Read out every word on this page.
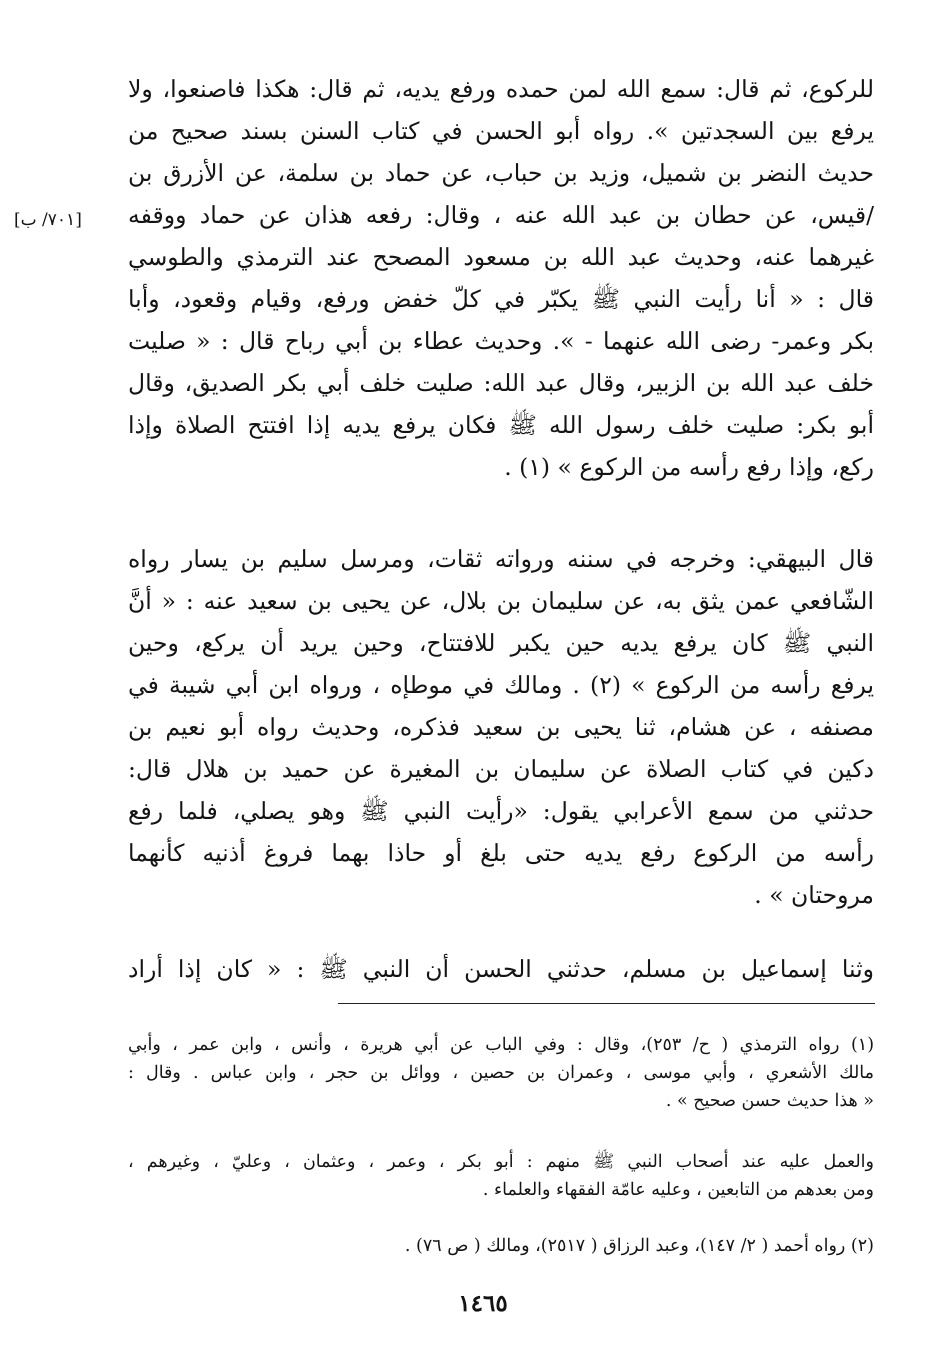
[٧٠١/ ب]
للركوع، ثم قال: سمع الله لمن حمده ورفع يديه، ثم قال: هكذا فاصنعوا، ولا
يرفع بين السجدتين ». رواه أبو الحسن في كتاب السنن بسند صحيح من
حديث النضر بن شميل، وزيد بن حباب، عن حماد بن سلمة، عن الأزرق بن
/قيس، عن حطان بن عبد الله عنه ، وقال: رفعه هذان عن حماد ووقفه
غيرهما عنه، وحديث عبد الله بن مسعود المصحح عند الترمذي والطوسي
قال : « أنا رأيت النبي ﷺ يكبّر في كلّ خفض ورفع، وقيام وقعود، وأبا
بكر وعمر- رضى الله عنهما - ». وحديث عطاء بن أبي رباح قال : « صليت
خلف عبد الله بن الزبير، وقال عبد الله: صليت خلف أبي بكر الصديق، وقال
أبو بكر: صليت خلف رسول الله ﷺ فكان يرفع يديه إذا افتتح الصلاة وإذا
ركع، وإذا رفع رأسه من الركوع » (١) .
قال البيهقي: وخرجه في سننه ورواته ثقات، ومرسل سليم بن يسار رواه
الشّافعي عمن يثق به، عن سليمان بن بلال، عن يحيى بن سعيد عنه : « أنَّ
النبي ﷺ كان يرفع يديه حين يكبر للافتتاح، وحين يريد أن يركع، وحين
يرفع رأسه من الركوع » (٢) . ومالك في موطإه ، ورواه ابن أبي شيبة في
مصنفه ، عن هشام، ثنا يحيى بن سعيد فذكره، وحديث رواه أبو نعيم بن
دكين في كتاب الصلاة عن سليمان بن المغيرة عن حميد بن هلال قال:
حدثني من سمع الأعرابي يقول: «رأيت النبي ﷺ وهو يصلي، فلما رفع
رأسه من الركوع رفع يديه حتى بلغ أو حاذا بهما فروغ أذنيه كأنهما
مروحتان » .
وثنا إسماعيل بن مسلم، حدثني الحسن أن النبي ﷺ : « كان إذا أراد
(١) رواه الترمذي ( ح/ ٢٥٣)، وقال : وفي الباب عن أبي هريرة ، وأنس ، وابن عمر ، وأبي
مالك الأشعري ، وأبي موسى ، وعمران بن حصين ، ووائل بن حجر ، وابن عباس . وقال :
« هذا حديث حسن صحيح » .
والعمل عليه عند أصحاب النبي ﷺ منهم : أبو بكر ، وعمر ، وعثمان ، وعليّ ، وغيرهم ،
ومن بعدهم من التابعين ، وعليه عامّة الفقهاء والعلماء .
(٢) رواه أحمد ( ٢/ ١٤٧)، وعبد الرزاق ( ٢٥١٧)، ومالك ( ص ٧٦) .
١٤٦٥
